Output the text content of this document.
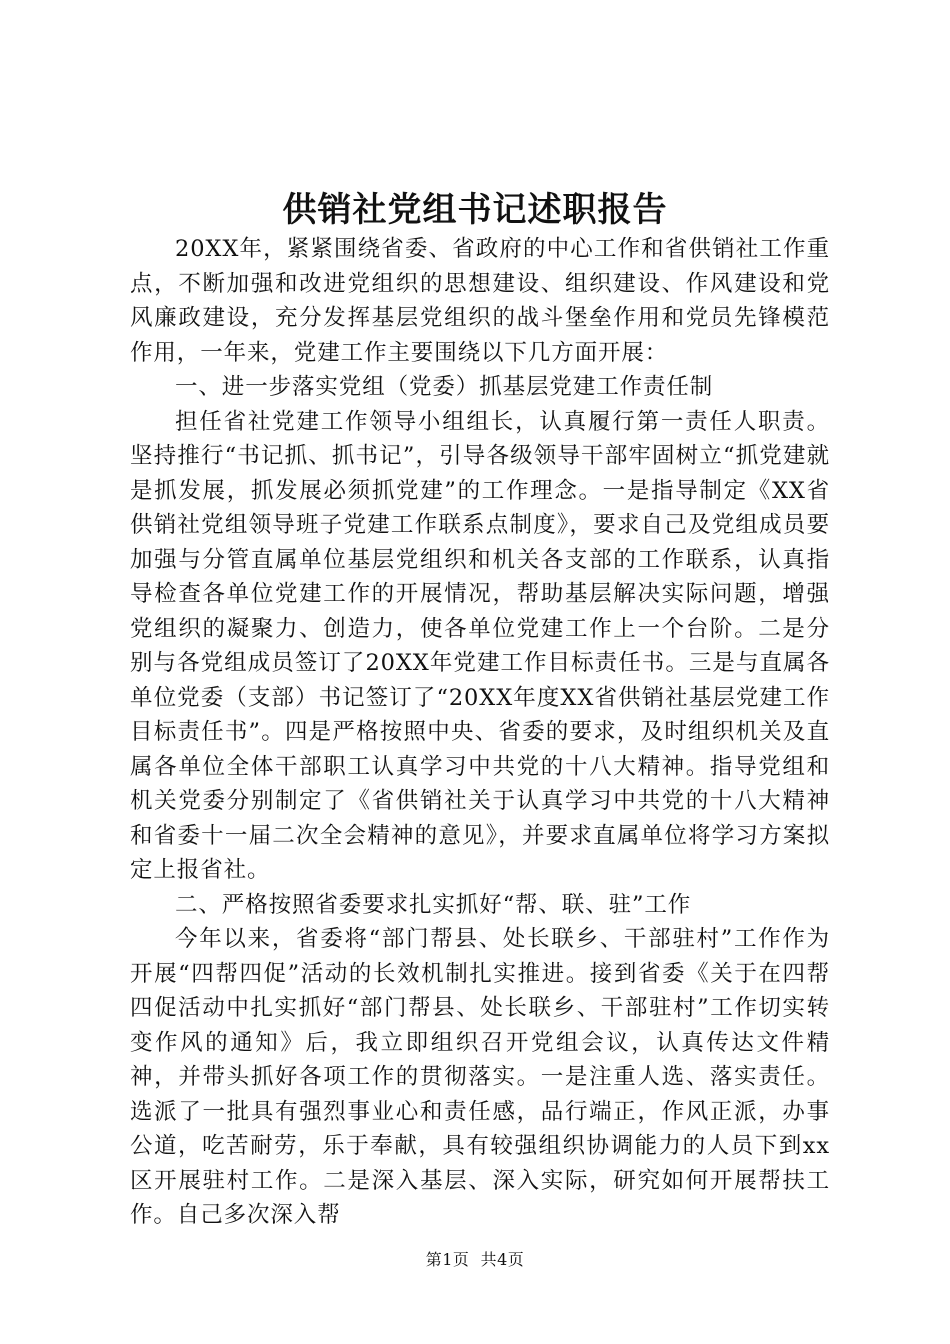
供销社党组书记述职报告

20XX年，紧紧围绕省委、省政府的中心工作和省供销社工作重点，不断加强和改进党组织的思想建设、组织建设、作风建设和党风廉政建设，充分发挥基层党组织的战斗堡垒作用和党员先锋模范作用，一年来，党建工作主要围绕以下几方面开展：

一、进一步落实党组（党委）抓基层党建工作责任制

担任省社党建工作领导小组组长，认真履行第一责任人职责。坚持推行“书记抓、抓书记”，引导各级领导干部牢固树立“抓党建就是抓发展，抓发展必须抓党建”的工作理念。一是指导制定《XX省供销社党组领导班子党建工作联系点制度》，要求自己及党组成员要加强与分管直属单位基层党组织和机关各支部的工作联系，认真指导检查各单位党建工作的开展情况，帮助基层解决实际问题，增强党组织的凝聚力、创造力，使各单位党建工作上一个台阶。二是分别与各党组成员签订了20XX年党建工作目标责任书。三是与直属各单位党委（支部）书记签订了“20XX年度XX省供销社基层党建工作目标责任书”。四是严格按照中央、省委的要求，及时组织机关及直属各单位全体干部职工认真学习中共党的十八大精神。指导党组和机关党委分别制定了《省供销社关于认真学习中共党的十八大精神和省委十一届二次全会精神的意见》，并要求直属单位将学习方案拟定上报省社。

二、严格按照省委要求扎实抓好“帮、联、驻”工作

今年以来，省委将“部门帮县、处长联乡、干部驻村”工作作为开展“四帮四促”活动的长效机制扎实推进。接到省委《关于在四帮四促活动中扎实抓好“部门帮县、处长联乡、干部驻村”工作切实转变作风的通知》后，我立即组织召开党组会议，认真传达文件精神，并带头抓好各项工作的贯彻落实。一是注重人选、落实责任。选派了一批具有强烈事业心和责任感，品行端正，作风正派，办事公道，吃苦耐劳，乐于奉献，具有较强组织协调能力的人员下到xx区开展驻村工作。二是深入基层、深入实际，研究如何开展帮扶工作。自己多次深入帮

第1页  共4页
